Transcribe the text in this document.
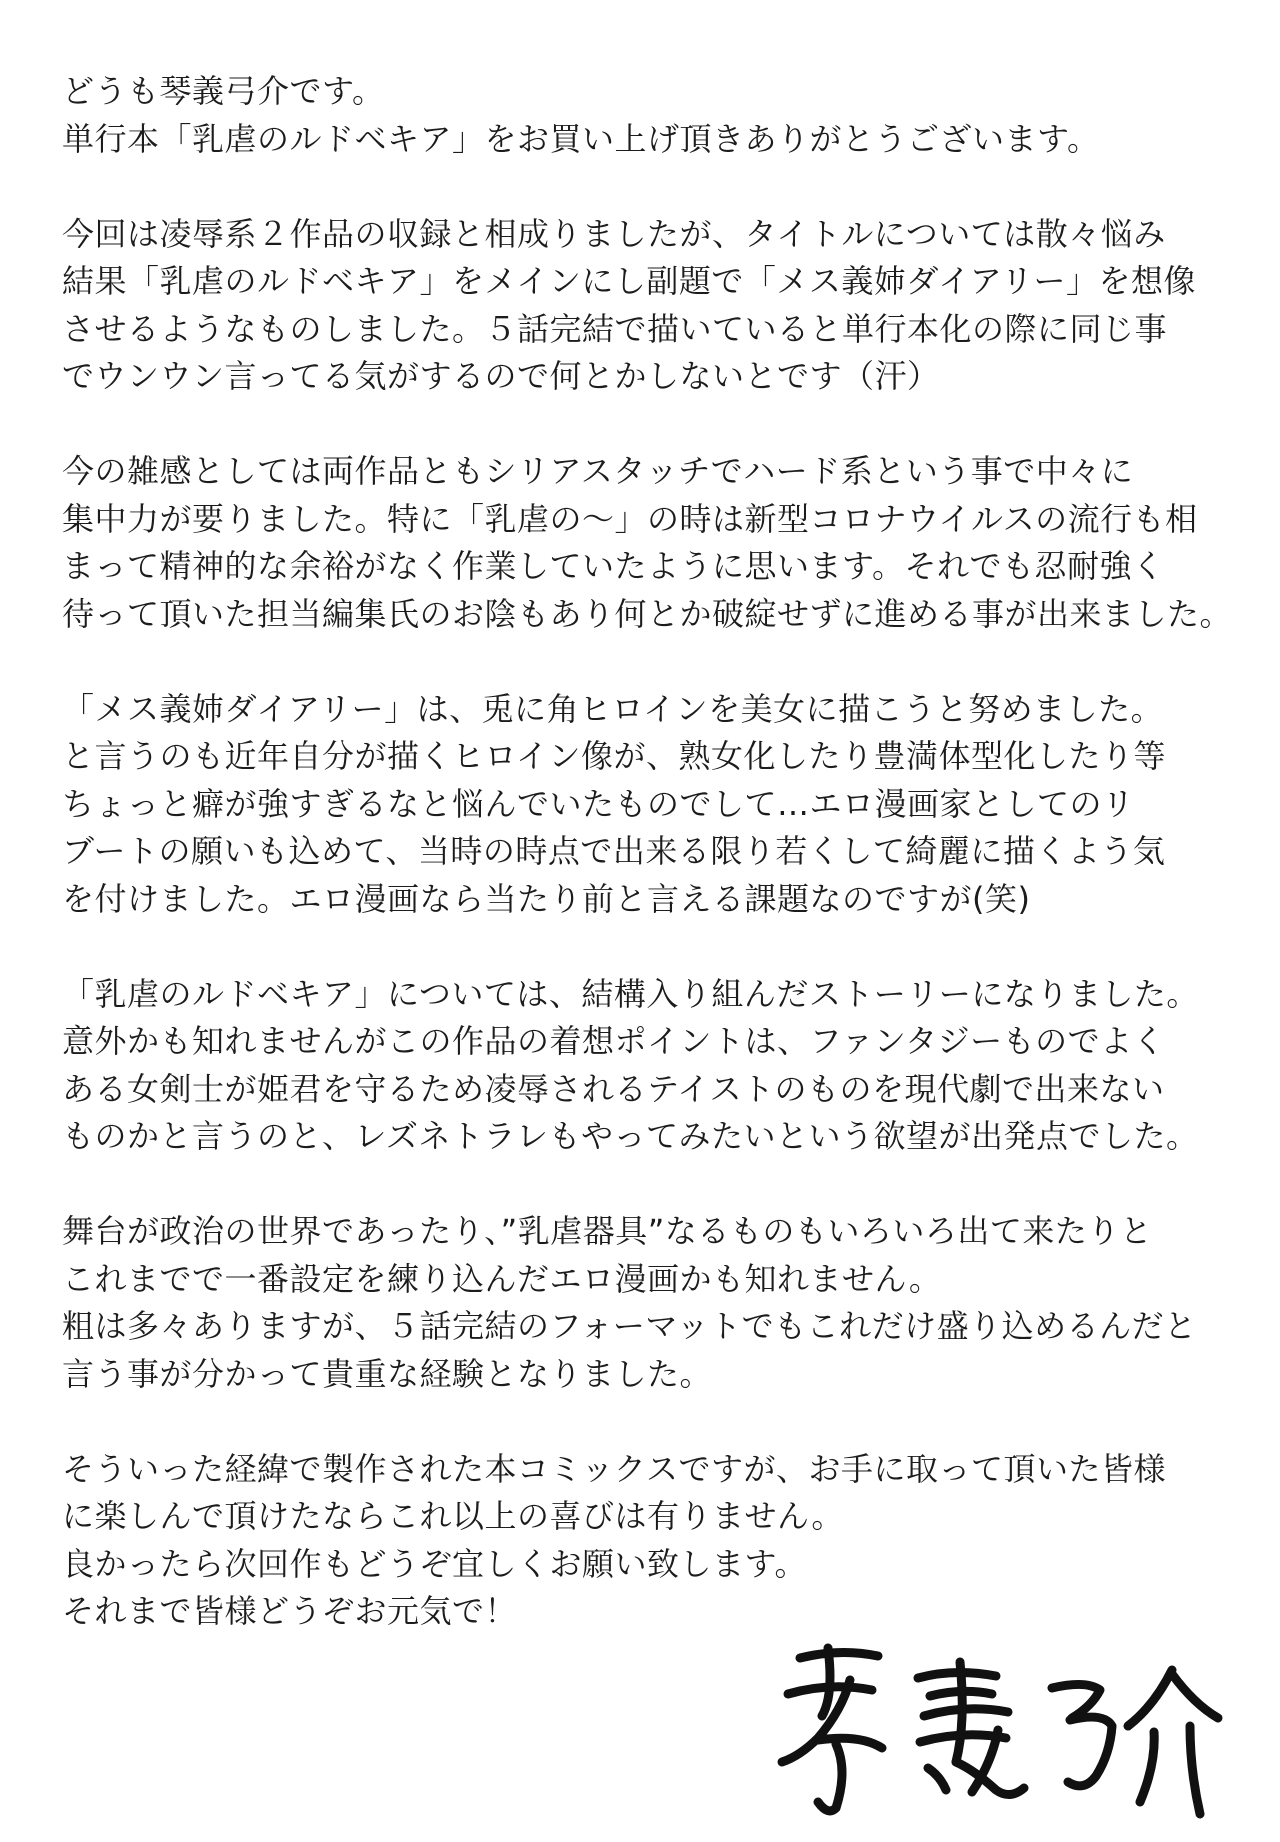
どうも琴義弓介です。
単行本「乳虐のルドベキア」をお買い上げ頂きありがとうございます。
今回は凌辱系２作品の収録と相成りましたが、タイトルについては散々悩み
結果「乳虐のルドベキア」をメインにし副題で「メス義姉ダイアリー」を想像
させるようなものしました。５話完結で描いていると単行本化の際に同じ事
でウンウン言ってる気がするので何とかしないとです（汗）
今の雑感としては両作品ともシリアスタッチでハード系という事で中々に
集中力が要りました。特に「乳虐の～」の時は新型コロナウイルスの流行も相
まって精神的な余裕がなく作業していたように思います。それでも忍耐強く
待って頂いた担当編集氏のお陰もあり何とか破綻せずに進める事が出来ました。
「メス義姉ダイアリー」は、兎に角ヒロインを美女に描こうと努めました。
と言うのも近年自分が描くヒロイン像が、熟女化したり豊満体型化したり等
ちょっと癖が強すぎるなと悩んでいたものでして…エロ漫画家としてのリ
ブートの願いも込めて、当時の時点で出来る限り若くして綺麗に描くよう気
を付けました。エロ漫画なら当たり前と言える課題なのですが(笑)
「乳虐のルドベキア」については、結構入り組んだストーリーになりました。
意外かも知れませんがこの作品の着想ポイントは、ファンタジーものでよく
ある女剣士が姫君を守るため凌辱されるテイストのものを現代劇で出来ない
ものかと言うのと、レズネトラレもやってみたいという欲望が出発点でした。
舞台が政治の世界であったり、”乳虐器具”なるものもいろいろ出て来たりと
これまでで一番設定を練り込んだエロ漫画かも知れません。
粗は多々ありますが、５話完結のフォーマットでもこれだけ盛り込めるんだと
言う事が分かって貴重な経験となりました。
そういった経緯で製作された本コミックスですが、お手に取って頂いた皆様
に楽しんで頂けたならこれ以上の喜びは有りません。
良かったら次回作もどうぞ宜しくお願い致します。
それまで皆様どうぞお元気で！
